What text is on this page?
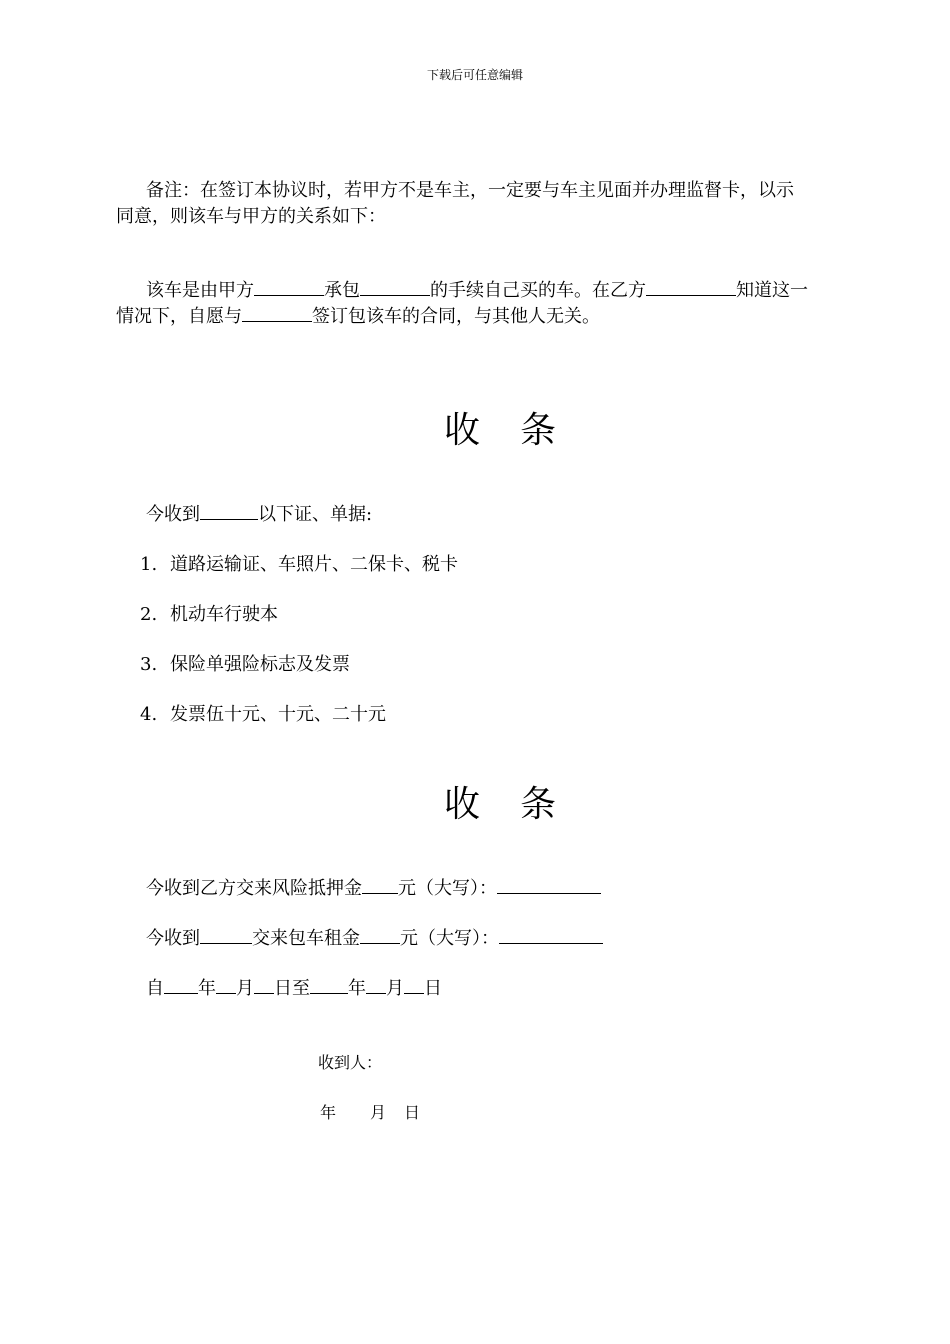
下载后可任意编辑
备注：在签订本协议时，若甲方不是车主，一定要与车主见面并办理监督卡，以示
同意，则该车与甲方的关系如下：
该车是由甲方	承包	的手续自己买的车。在乙方	知道这一
情况下，自愿与	签订包该车的合同，与其他人无关。
收 条
今收到	以下证、单据:
1. 道路运输证、车照片、二保卡、税卡
2. 机动车行驶本
3. 保险单强险标志及发票
4. 发票伍十元、十元、二十元
收 条
今收到乙方交来风险抵押金 元（大写）：
今收到	交来包车租金 元（大写）：
自 年 月 日至 年 月 日
收到人：
年 月 日
